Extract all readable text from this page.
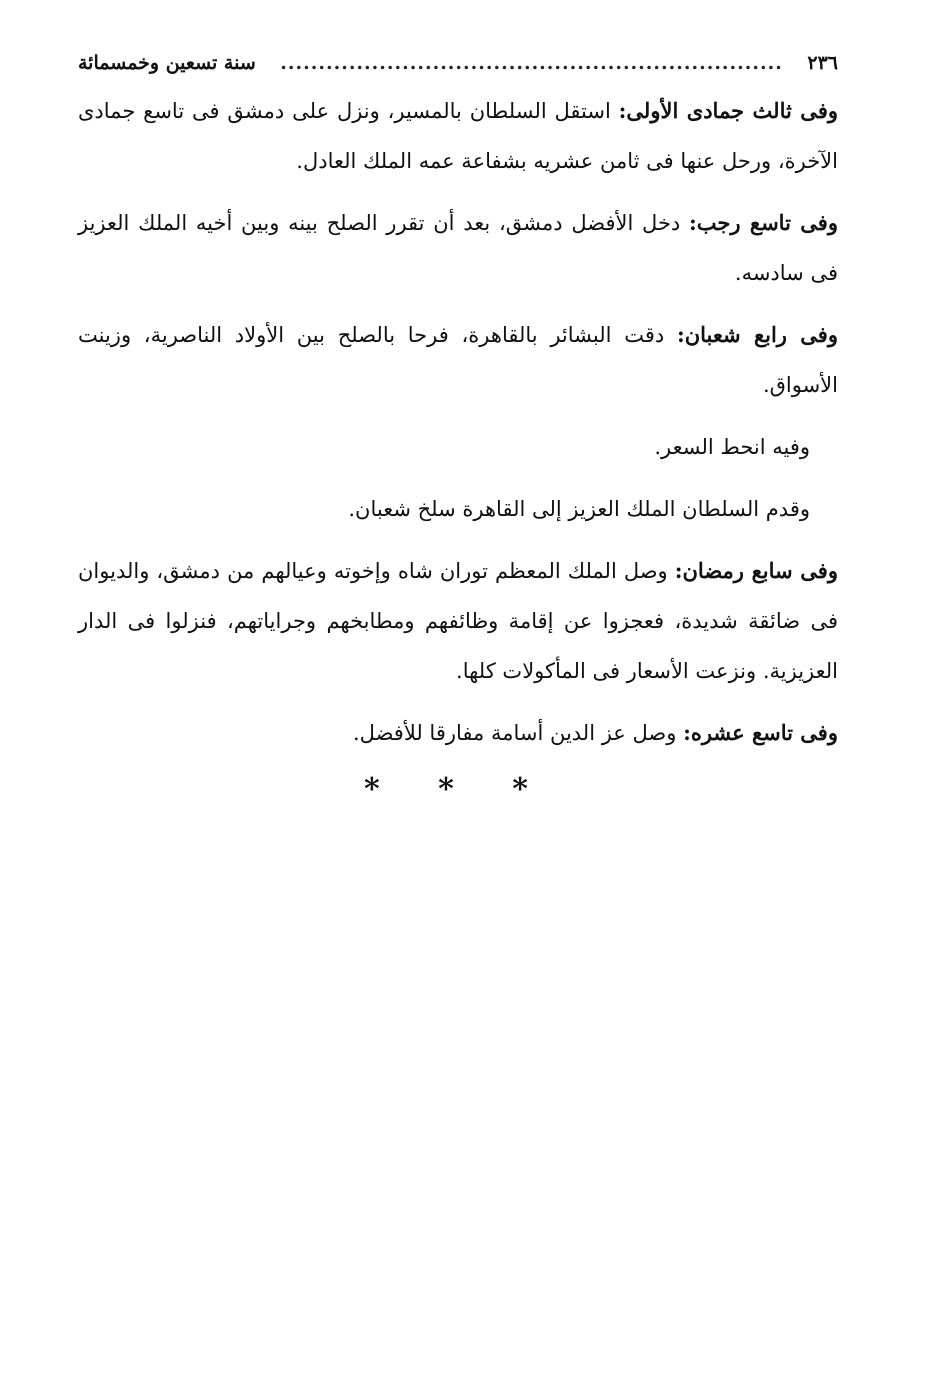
٢٣٦
..................................................................
سنة تسعين وخمسمائة

وفى ثالث جمادى الأولى: استقل السلطان بالمسير، ونزل على دمشق فى تاسع جمادى الآخرة، ورحل عنها فى ثامن عشريه بشفاعة عمه الملك العادل.

وفى تاسع رجب: دخل الأفضل دمشق، بعد أن تقرر الصلح بينه وبين أخيه الملك العزيز فى سادسه.

وفى رابع شعبان: دقت البشائر بالقاهرة، فرحا بالصلح بين الأولاد الناصرية، وزينت الأسواق.

وفيه انحط السعر.

وقدم السلطان الملك العزيز إلى القاهرة سلخ شعبان.

وفى سابع رمضان: وصل الملك المعظم توران شاه وإخوته وعيالهم من دمشق، والديوان فى ضائقة شديدة، فعجزوا عن إقامة وظائفهم ومطابخهم وجراياتهم، فنزلوا فى الدار العزيزية. ونزعت الأسعار فى المأكولات كلها.

وفى تاسع عشره: وصل عز الدين أسامة مفارقا للأفضل.

* * *
